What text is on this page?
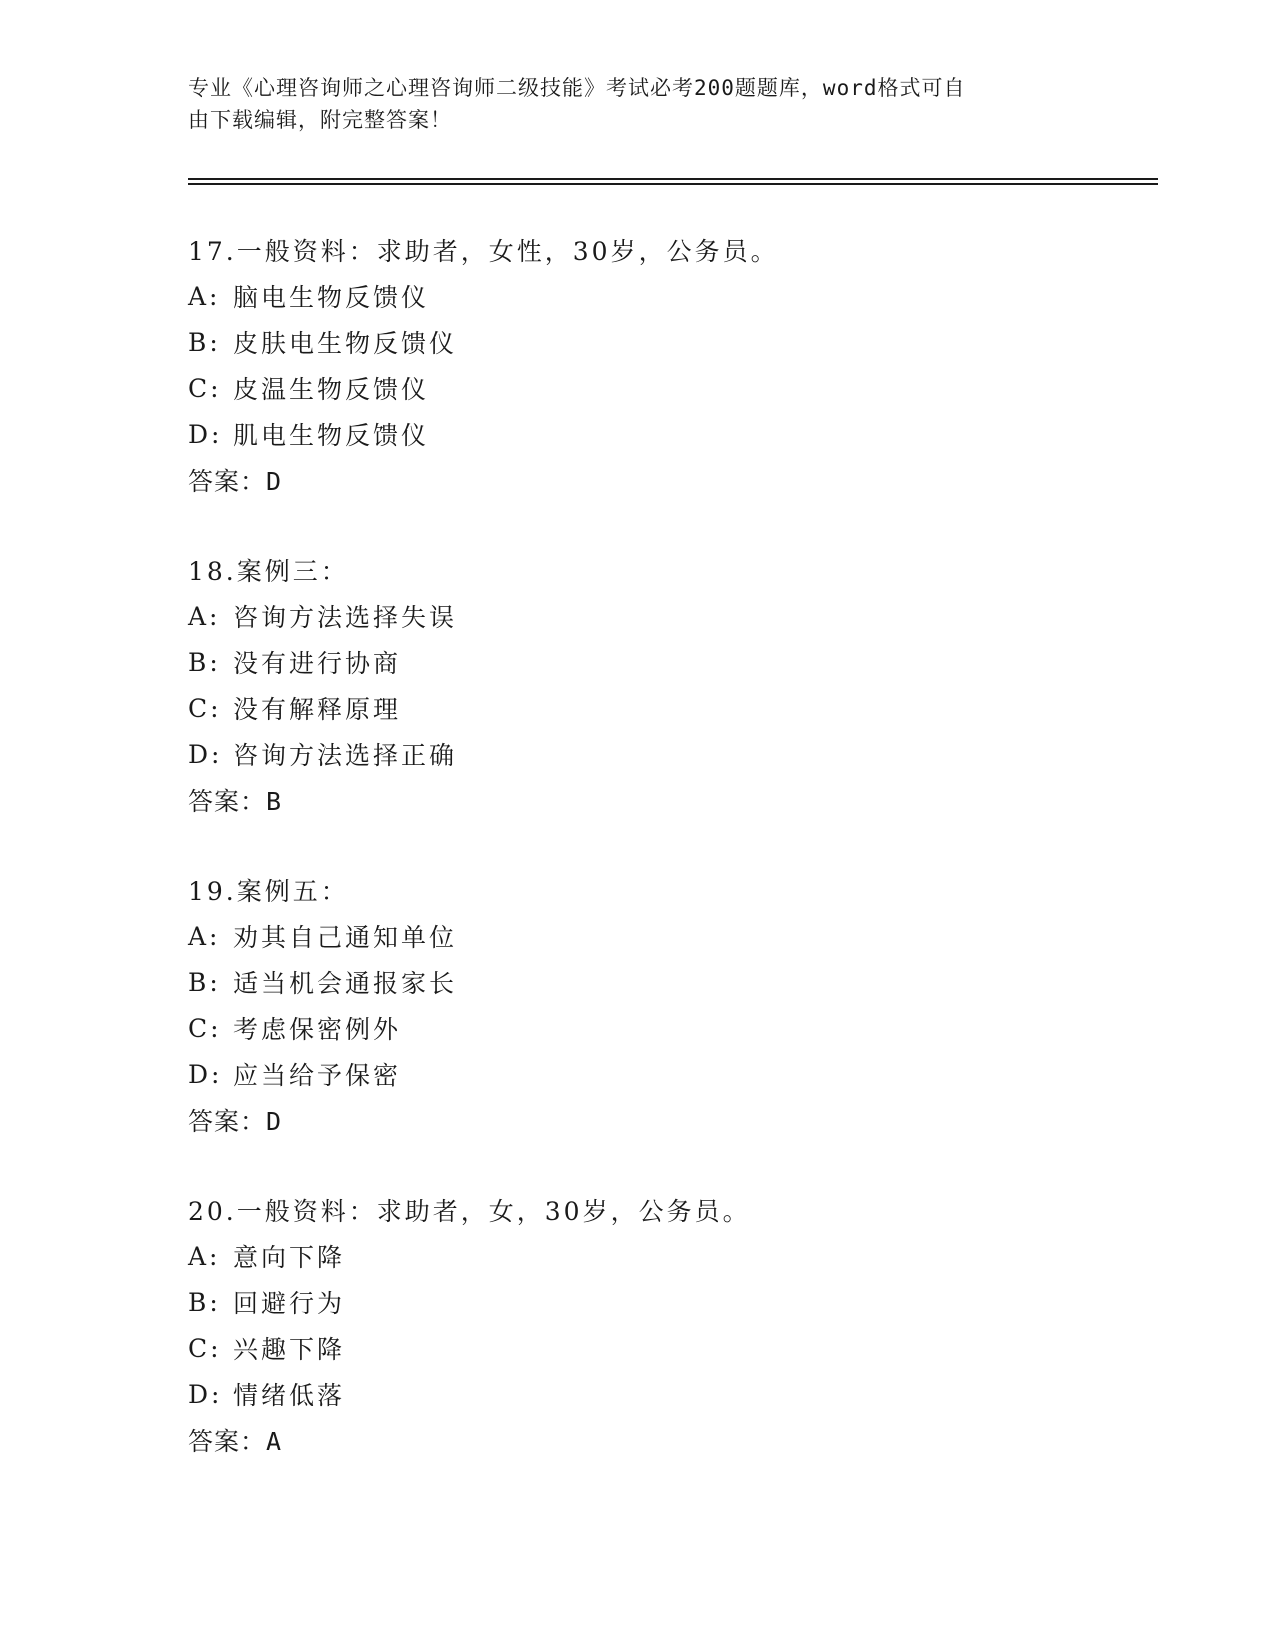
专业《心理咨询师之心理咨询师二级技能》考试必考200题题库，word格式可自
由下载编辑，附完整答案！
17.一般资料：求助者，女性，30岁，公务员。
A: 脑电生物反馈仪
B: 皮肤电生物反馈仪
C: 皮温生物反馈仪
D: 肌电生物反馈仪
答案：D
18.案例三：
A: 咨询方法选择失误
B: 没有进行协商
C: 没有解释原理
D: 咨询方法选择正确
答案：B
19.案例五：
A: 劝其自己通知单位
B: 适当机会通报家长
C: 考虑保密例外
D: 应当给予保密
答案：D
20.一般资料：求助者，女，30岁，公务员。
A: 意向下降
B: 回避行为
C: 兴趣下降
D: 情绪低落
答案：A
